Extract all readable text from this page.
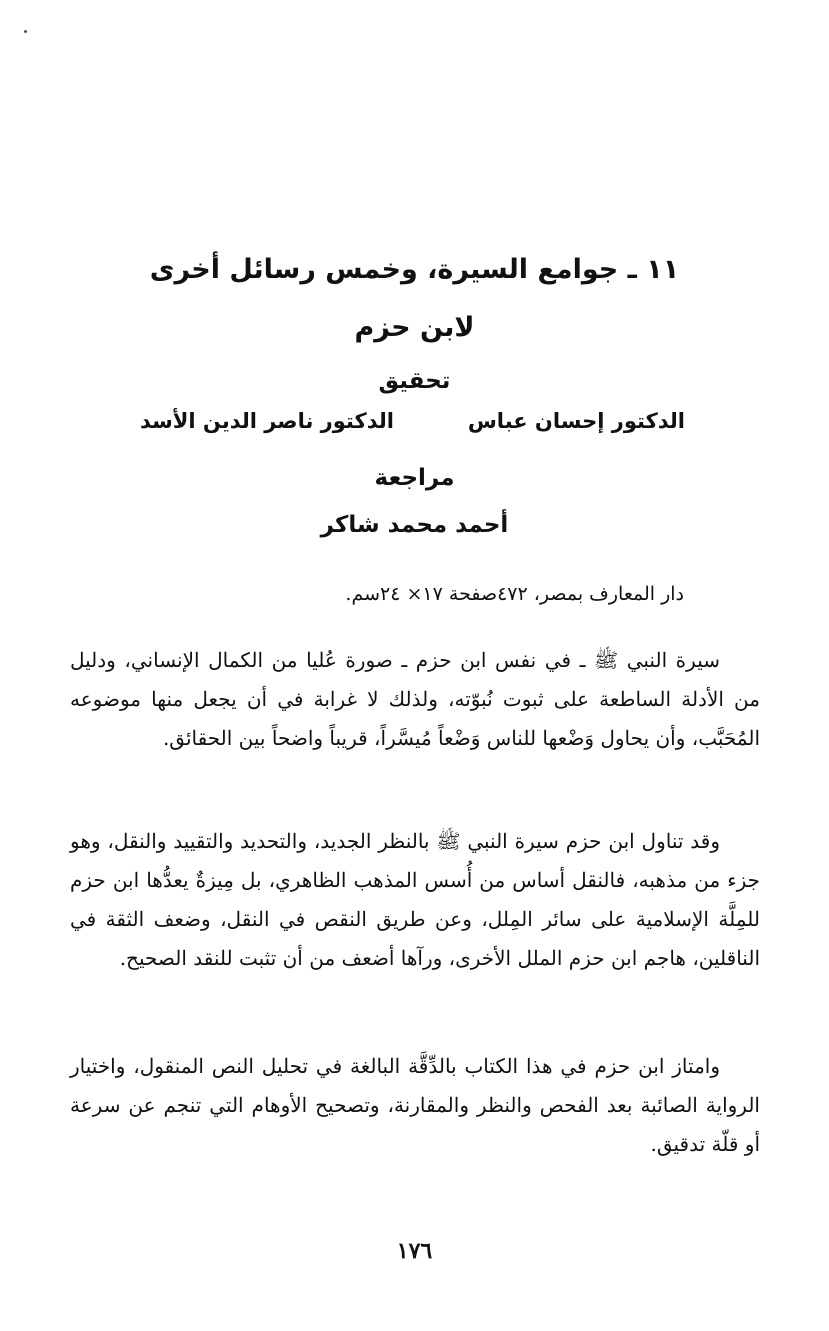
١١ ـ جوامع السيرة، وخمس رسائل أخرى
لابن حزم
تحقيق
الدكتور إحسان عباس
الدكتور ناصر الدين الأسد
مراجعة
أحمد محمد شاكر
دار المعارف بمصر، ٤٧٢صفحة ١٧× ٢٤سم.

سيرة النبي ﷺ ـ في نفس ابن حزم ـ صورة عُليا من الكمال الإنساني، ودليل من الأدلة الساطعة على ثبوت نُبوّته، ولذلك لا غرابة في أن يجعل منها موضوعه المُحَبَّب، وأن يحاول وَضْعها للناس وَضْعاً مُيسَّراً، قريباً واضحاً بين الحقائق.

وقد تناول ابن حزم سيرة النبي ﷺ بالنظر الجديد، والتحديد والتقييد والنقل، وهو جزء من مذهبه، فالنقل أساس من أُسس المذهب الظاهري، بل مِيزةٌ يعدُّها ابن حزم للمِلَّة الإسلامية على سائر المِلل، وعن طريق النقص في النقل، وضعف الثقة في الناقلين، هاجم ابن حزم الملل الأخرى، ورآها أضعف من أن تثبت للنقد الصحيح.

وامتاز ابن حزم في هذا الكتاب بالدِّقَّة البالغة في تحليل النص المنقول، واختيار الرواية الصائبة بعد الفحص والنظر والمقارنة، وتصحيح الأوهام التي تنجم عن سرعة أو قلّة تدقيق.

١٧٦
